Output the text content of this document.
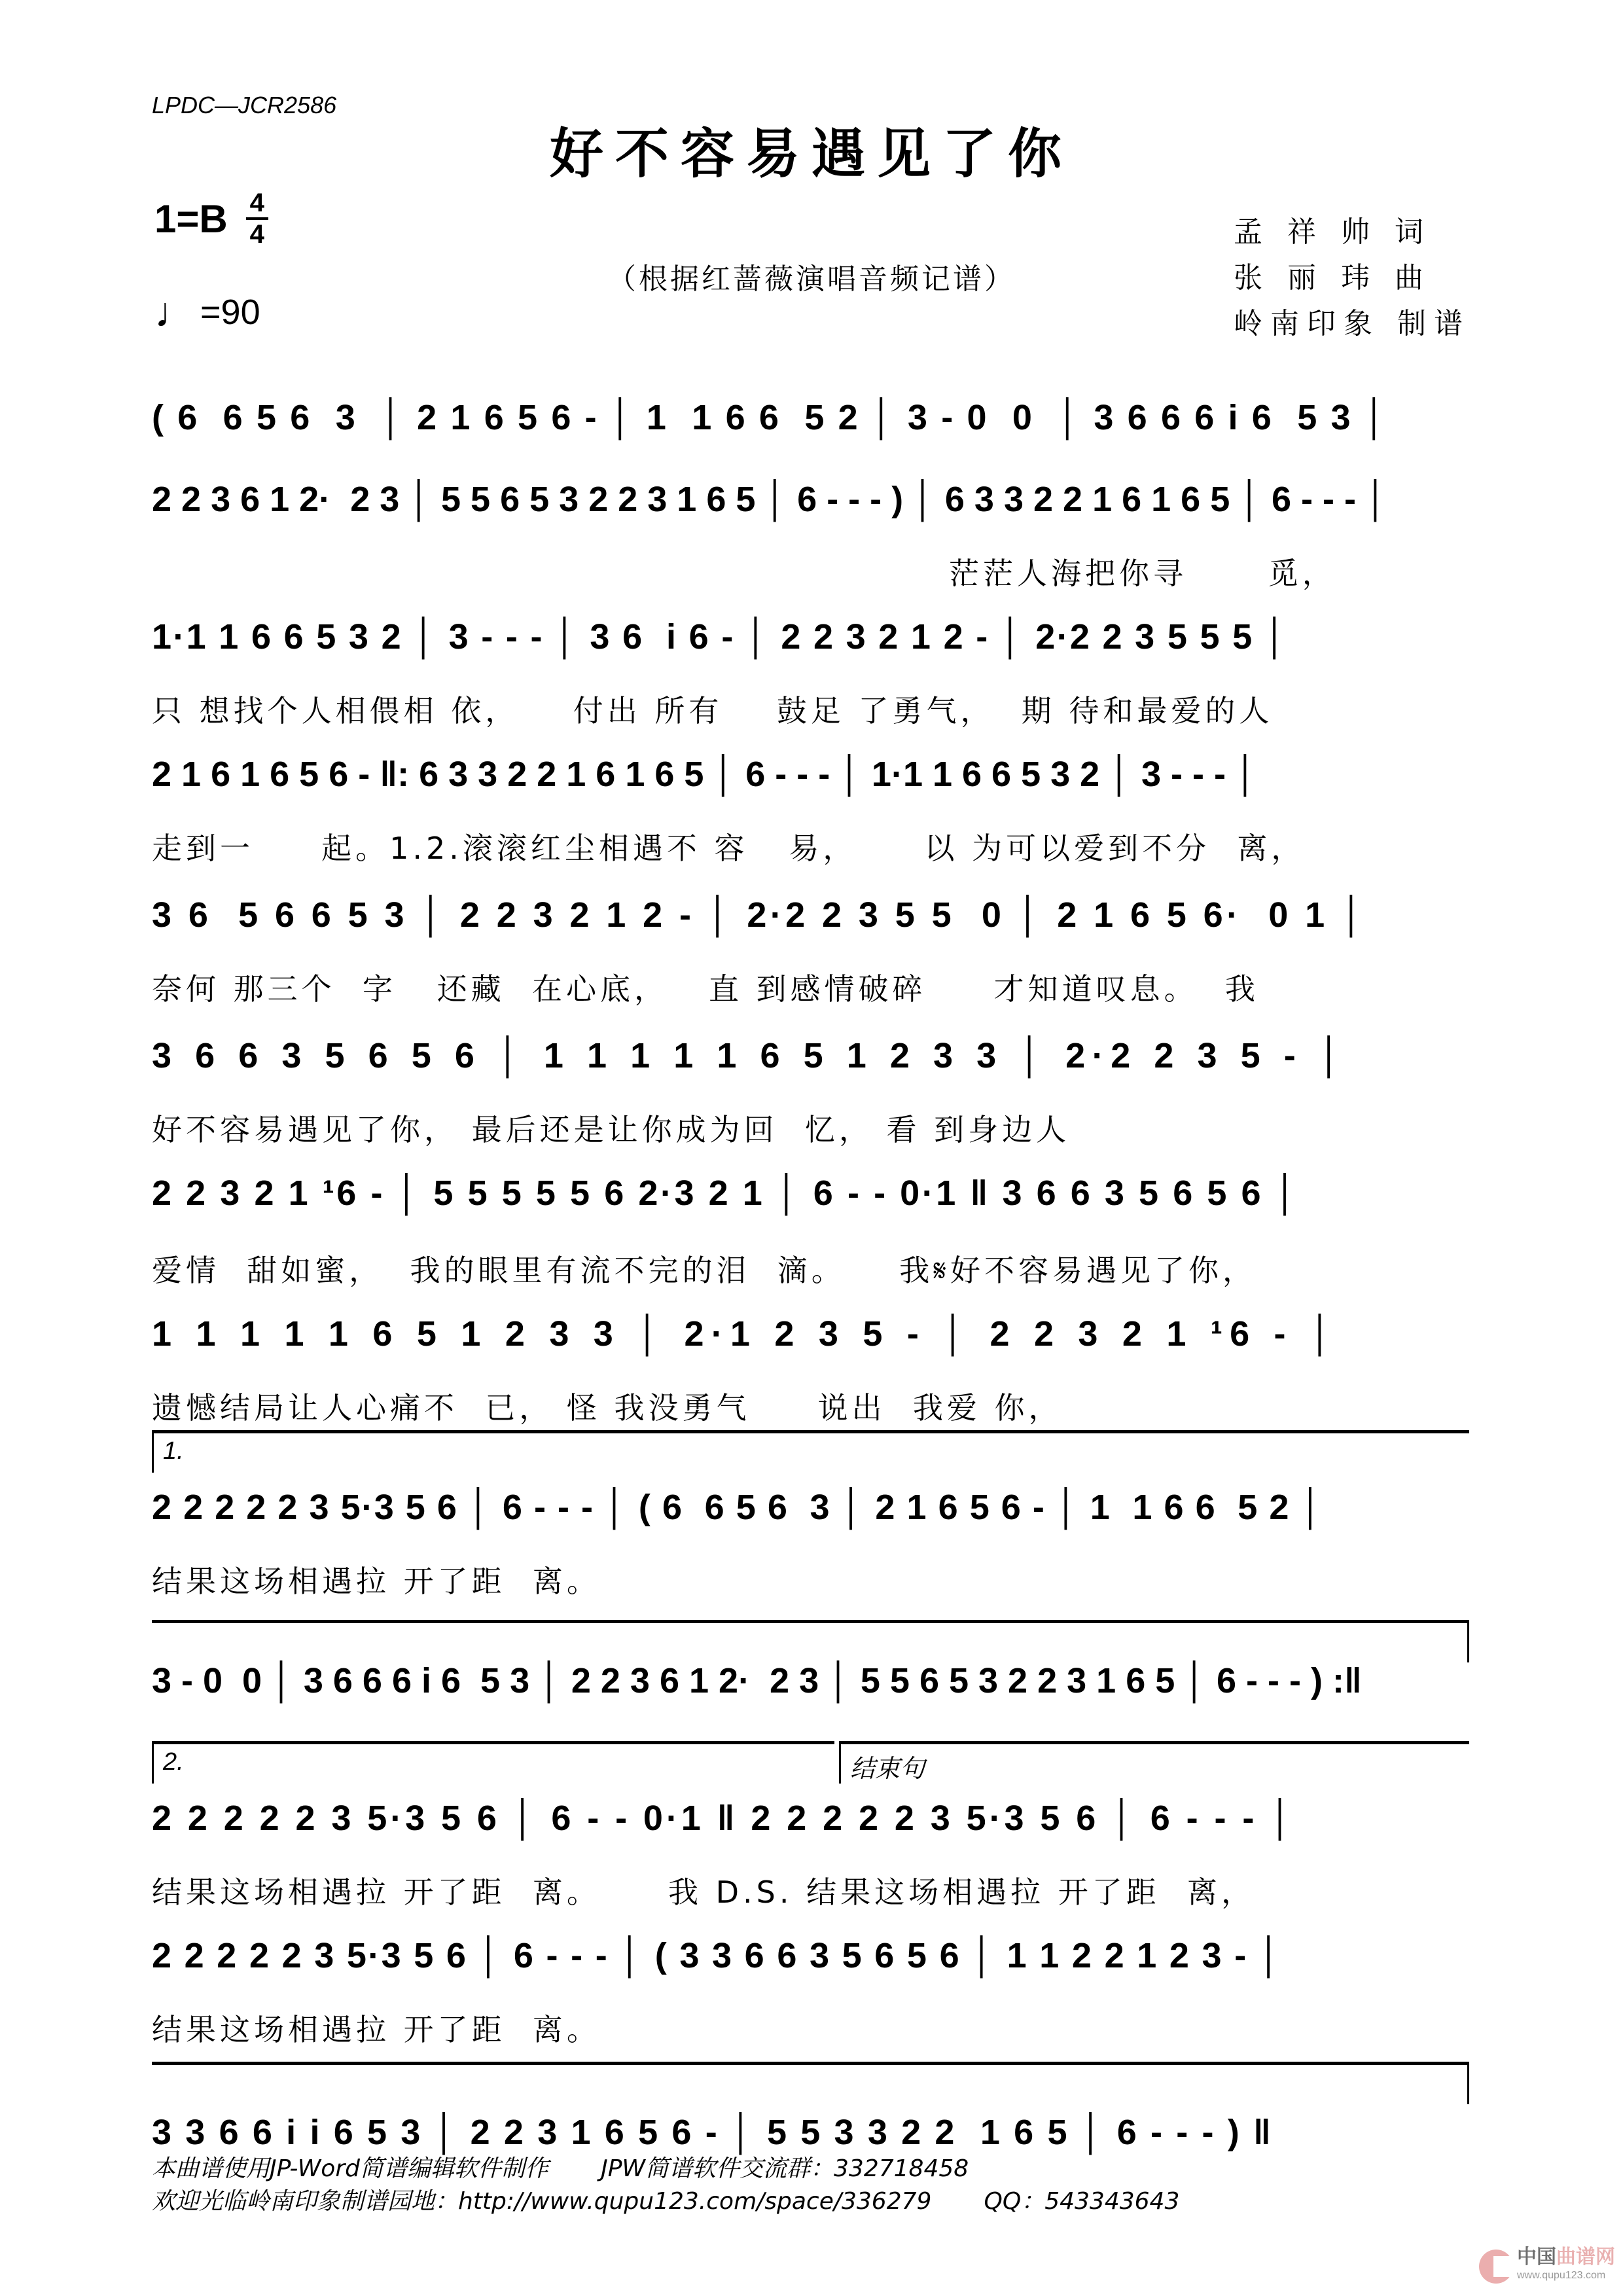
LPDC—JCR2586
好不容易遇见了你
$1=B \frac{4}{4}$
♩ =90
（根据红蔷薇演唱音频记谱）
孟 祥 帅 词
张 丽 玮 曲
岭南印象 制谱
( 6  6 5 6  3  │ 2 1 6 5 6 - │ 1  1 6 6  5 2 │ 3 - 0  0  │ 3 6 6 6 i 6  5 3 │
2 2 3 6 1 2·  2 3 │ 5 5 6 5 3 2 2 3 1 6 5 │ 6 - - - ) │ 6 3 3 2 2 1 6 1 6 5 │ 6 - - - │
1·1 1 6 6 5 3 2 │ 3 - - - │ 3 6  i 6 - │ 2 2 3 2 1 2 - │ 2·2 2 3 5 5 5 │
2 1 6 1 6 5 6 - ‖: 6 3 3 2 2 1 6 1 6 5 │ 6 - - - │ 1·1 1 6 6 5 3 2 │ 3 - - - │
3 6  5 6 6 5 3 │ 2 2 3 2 1 2 - │ 2·2 2 3 5 5  0 │ 2 1 6 5 6·  0 1 │
3 6 6 3 5 6 5 6 │ 1 1 1 1 1 6 5 1 2 3 3 │ 2·2 2 3 5 - │
2 2 3 2 1 ¹6 - │ 5 5 5 5 5 6 2·3 2 1 │ 6 - - 0·1 ‖ 3 6 6 3 5 6 5 6 │
1 1 1 1 1 6 5 1 2 3 3 │ 2·1 2 3 5 - │ 2 2 3 2 1 ¹6 - │
2 2 2 2 2 3 5·3 5 6 │ 6 - - - │ ( 6  6 5 6  3 │ 2 1 6 5 6 - │ 1  1 6 6  5 2 │
3 - 0  0 │ 3 6 6 6 i 6  5 3 │ 2 2 3 6 1 2·  2 3 │ 5 5 6 5 3 2 2 3 1 6 5 │ 6 - - - ) :‖
2 2 2 2 2 3 5·3 5 6 │ 6 - - 0·1 ‖ 2 2 2 2 2 3 5·3 5 6 │ 6 - - - │
2 2 2 2 2 3 5·3 5 6 │ 6 - - - │ ( 3 3 6 6 3 5 6 5 6 │ 1 1 2 2 1 2 3 - │
3 3 6 6 i i 6 5 3 │ 2 2 3 1 6 5 6 - │ 5 5 3 3 2 2  1 6 5 │ 6 - - - ) ‖
本曲谱使用JP-Word简谱编辑软件制作       JPW简谱软件交流群：332718458
欢迎光临岭南印象制谱园地：http://www.qupu123.com/space/336279       QQ：543343643
中国曲谱网
www.qupu123.com
茫茫人海把你寻      觅，
只 想找个人相偎相 依，    付出 所有    鼓足 了勇气，  期 待和最爱的人
走到一     起。1.2.滚滚红尘相遇不 容   易，     以 为可以爱到不分  离，
奈何 那三个  字   还藏  在心底，   直 到感情破碎     才知道叹息。  我
好不容易遇见了你， 最后还是让你成为回  忆， 看 到身边人
爱情  甜如蜜，  我的眼里有流不完的泪  滴。    我𝄋好不容易遇见了你，
遗憾结局让人心痛不  已， 怪 我没勇气     说出  我爱 你，
1.
结果这场相遇拉 开了距  离。
2.	结束句
结果这场相遇拉 开了距  离。     我 D.S. 结果这场相遇拉 开了距  离，
结果这场相遇拉 开了距  离。
